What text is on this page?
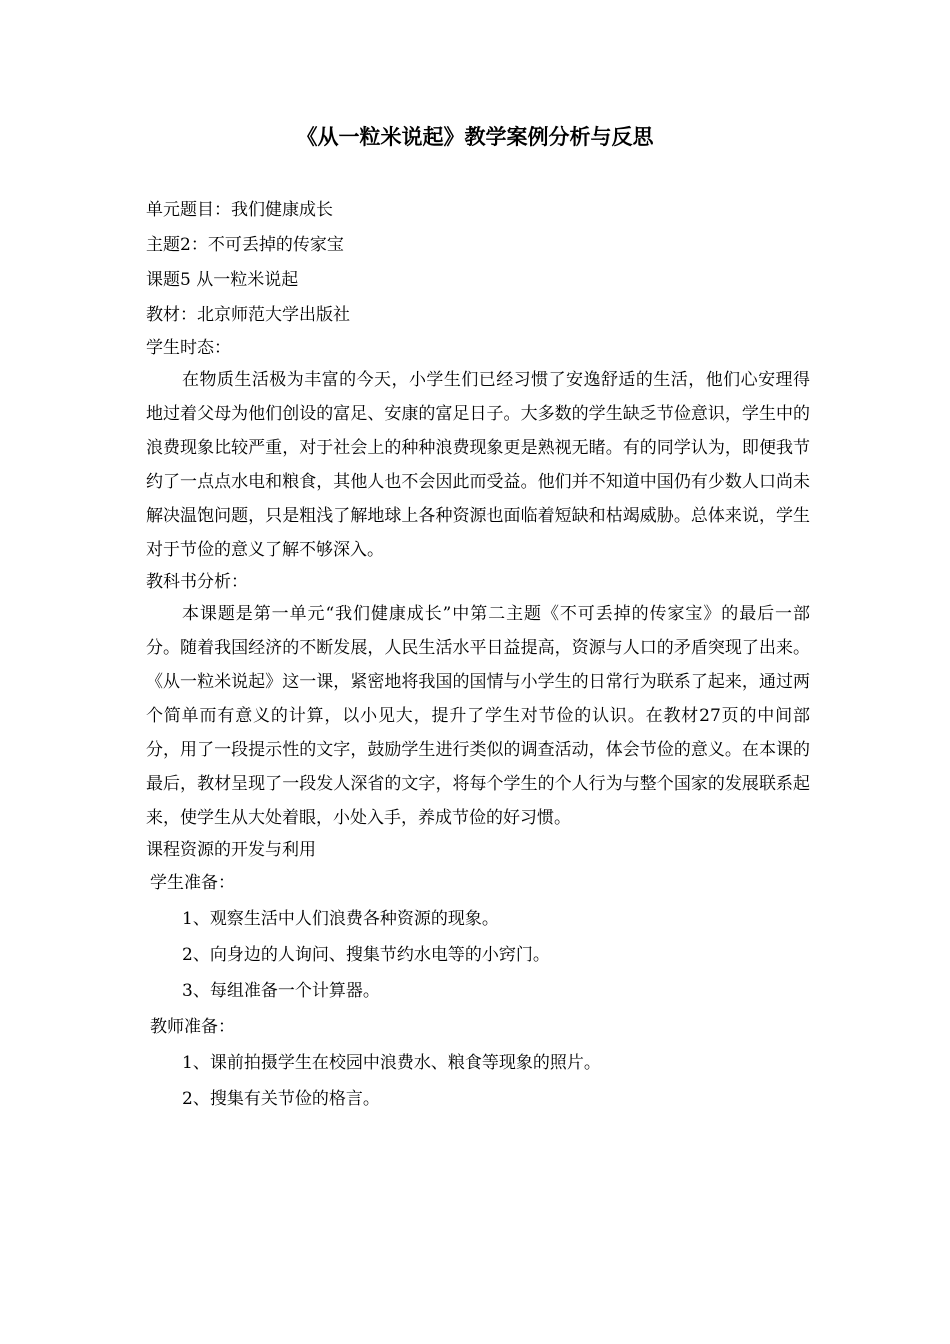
《从一粒米说起》教学案例分析与反思
单元题目：我们健康成长
主题2：不可丢掉的传家宝
课题5 从一粒米说起
教材：北京师范大学出版社
学生时态：

在物质生活极为丰富的今天，小学生们已经习惯了安逸舒适的生活，他们心安理得地过着父母为他们创设的富足、安康的富足日子。大多数的学生缺乏节俭意识，学生中的浪费现象比较严重，对于社会上的种种浪费现象更是熟视无睹。有的同学认为，即便我节约了一点点水电和粮食，其他人也不会因此而受益。他们并不知道中国仍有少数人口尚未解决温饱问题，只是粗浅了解地球上各种资源也面临着短缺和枯竭威胁。总体来说，学生对于节俭的意义了解不够深入。

教科书分析：

本课题是第一单元“我们健康成长”中第二主题《不可丢掉的传家宝》的最后一部分。随着我国经济的不断发展，人民生活水平日益提高，资源与人口的矛盾突现了出来。《从一粒米说起》这一课，紧密地将我国的国情与小学生的日常行为联系了起来，通过两个简单而有意义的计算，以小见大，提升了学生对节俭的认识。在教材27页的中间部分，用了一段提示性的文字，鼓励学生进行类似的调查活动，体会节俭的意义。在本课的最后，教材呈现了一段发人深省的文字，将每个学生的个人行为与整个国家的发展联系起来，使学生从大处着眼，小处入手，养成节俭的好习惯。

课程资源的开发与利用
学生准备：
1、观察生活中人们浪费各种资源的现象。
2、向身边的人询问、搜集节约水电等的小窍门。
3、每组准备一个计算器。
教师准备：
1、课前拍摄学生在校园中浪费水、粮食等现象的照片。
2、搜集有关节俭的格言。
